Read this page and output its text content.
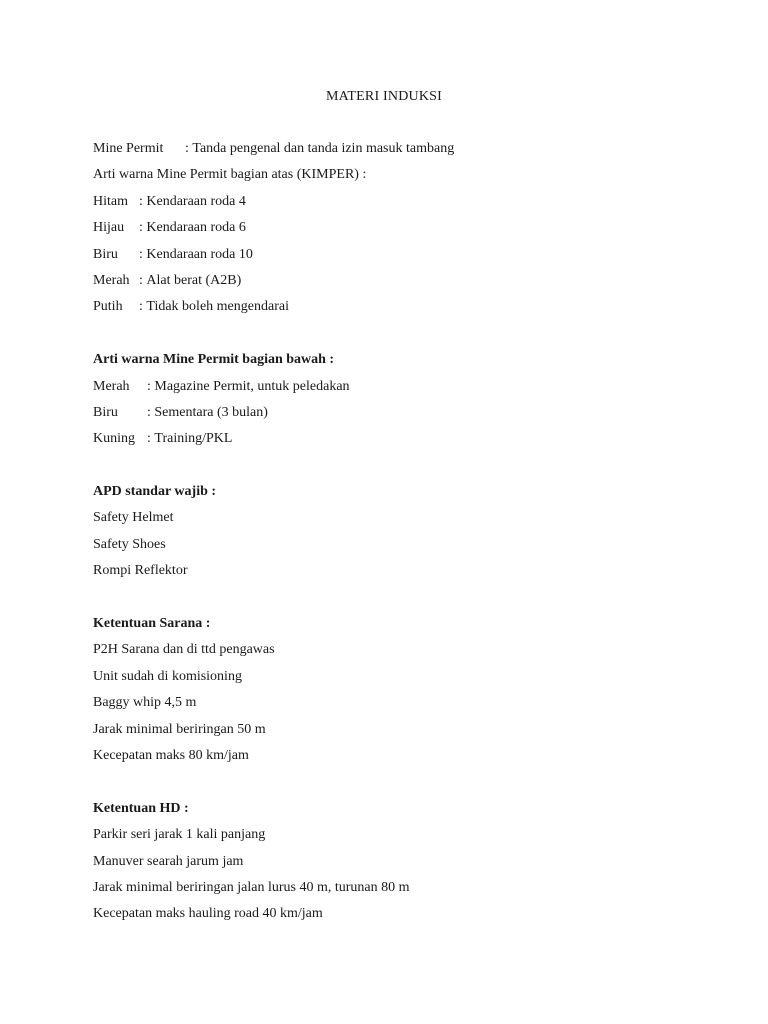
MATERI INDUKSI
Mine Permit	: Tanda pengenal dan tanda izin masuk tambang
Arti warna Mine Permit bagian atas (KIMPER) :
Hitam : Kendaraan roda 4
Hijau	: Kendaraan roda 6
Biru	: Kendaraan roda 10
Merah : Alat berat (A2B)
Putih	: Tidak boleh mengendarai
Arti warna Mine Permit bagian bawah :
Merah	: Magazine Permit, untuk peledakan
Biru	: Sementara (3 bulan)
Kuning : Training/PKL
APD standar wajib :
Safety Helmet
Safety Shoes
Rompi Reflektor
Ketentuan Sarana :
P2H Sarana dan di ttd pengawas
Unit sudah di komisioning
Baggy whip 4,5 m
Jarak minimal beriringan 50 m
Kecepatan maks 80 km/jam
Ketentuan HD :
Parkir seri jarak 1 kali panjang
Manuver searah jarum jam
Jarak minimal beriringan jalan lurus 40 m, turunan 80 m
Kecepatan maks hauling road 40 km/jam
